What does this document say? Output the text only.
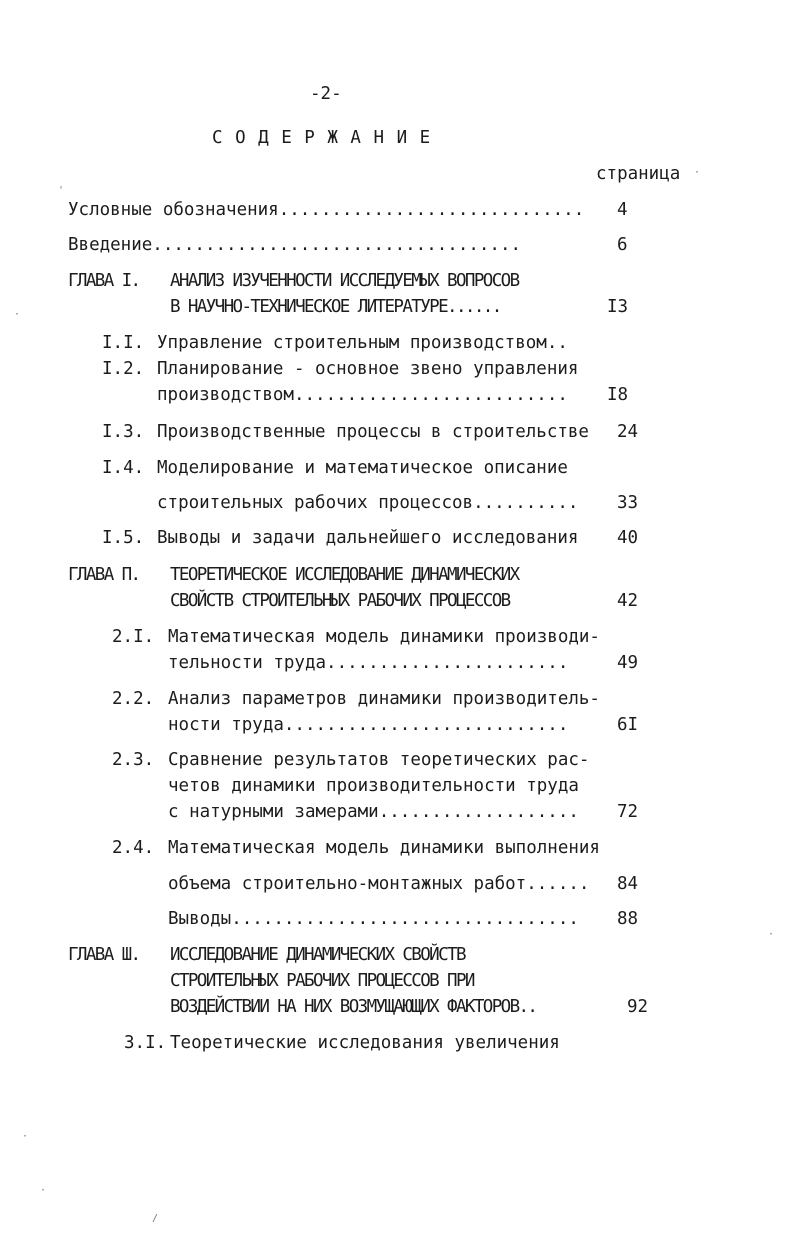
-2-
С О Д Е Р Ж А Н И Е
страница
Условные обозначения............................. 4
Введение...................................	6
ГЛАВА I. АНАЛИЗ ИЗУЧЕННОСТИ ИССЛЕДУЕМЫХ ВОПРОСОВ
В НАУЧНО-ТЕХНИЧЕСКОЕ ЛИТЕРАТУРЕ......	I3
I.I. Управление строительным производством..
I.2. Планирование - основное звено управления
производством.......................... I8
I.3. Производственные процессы в строительстве 24
I.4. Моделирование и математическое описание
строительных рабочих процессов.......... 33
I.5. Выводы и задачи дальнейшего исследования 40
ГЛАВА П. ТЕОРЕТИЧЕСКОЕ ИССЛЕДОВАНИЕ ДИНАМИЧЕСКИХ
СВОЙСТВ СТРОИТЕЛЬНЫХ РАБОЧИХ ПРОЦЕССОВ	42
2.I. Математическая модель динамики производи-
тельности труда.......................	49
2.2. Анализ параметров динамики производитель-
ности труда...........................	6I
2.3. Сравнение результатов теоретических рас-
четов динамики производительности труда
с натурными замерами................... 72
2.4. Математическая модель динамики выполнения
объема строительно-монтажных работ...... 84
Выводы................................. 88
ГЛАВА Ш. ИССЛЕДОВАНИЕ ДИНАМИЧЕСКИХ СВОЙСТВ
СТРОИТЕЛЬНЫХ РАБОЧИХ ПРОЦЕССОВ ПРИ
ВОЗДЕЙСТВИИ НА НИХ ВОЗМУЩАЮЩИХ ФАКТОРОВ..	92
3.I. Теоретические исследования увеличения
'
·
·
·
/
·
·
